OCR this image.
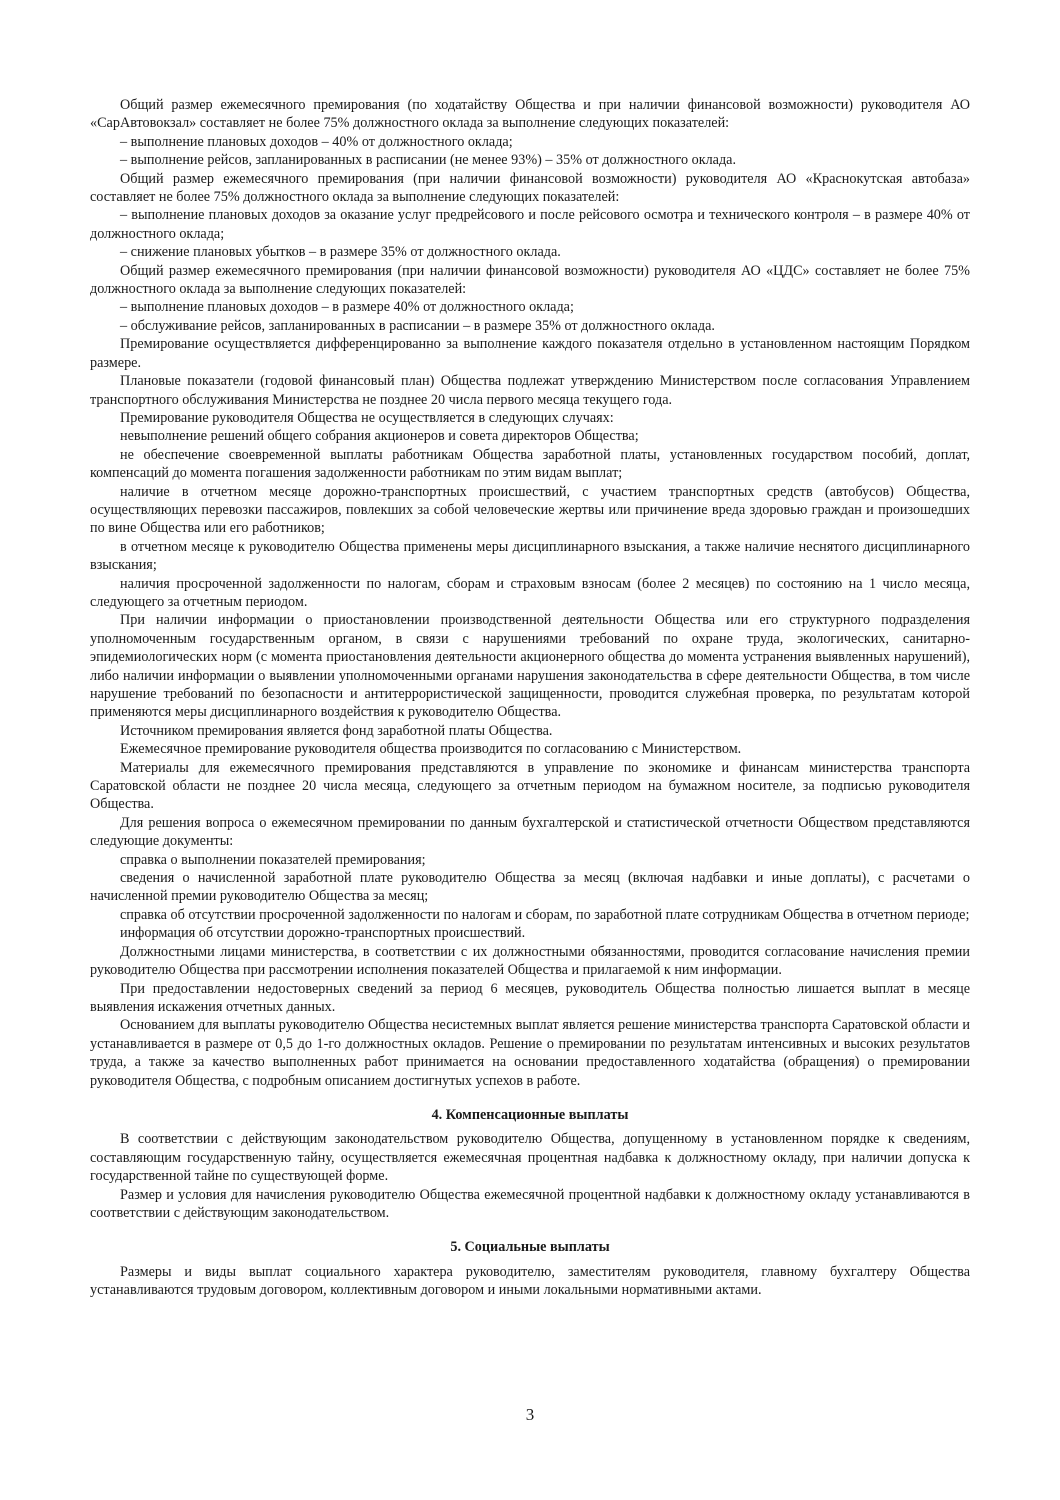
Общий размер ежемесячного премирования (по ходатайству Общества и при наличии финансовой возможности) руководителя АО «СарАвтовокзал» составляет не более 75% должностного оклада за выполнение следующих показателей:

– выполнение плановых доходов – 40% от должностного оклада;

– выполнение рейсов, запланированных в расписании (не менее 93%) – 35% от должностного оклада.

Общий размер ежемесячного премирования (при наличии финансовой возможности) руководителя АО «Краснокутская автобаза» составляет не более 75% должностного оклада за выполнение следующих показателей:

– выполнение плановых доходов за оказание услуг предрейсового и после рейсового осмотра и технического контроля – в размере 40% от должностного оклада;

– снижение плановых убытков – в размере 35% от должностного оклада.

Общий размер ежемесячного премирования (при наличии финансовой возможности) руководителя АО «ЦДС» составляет не более 75% должностного оклада за выполнение следующих показателей:

– выполнение плановых доходов – в размере 40% от должностного оклада;

– обслуживание рейсов, запланированных в расписании – в размере 35% от должностного оклада.

Премирование осуществляется дифференцированно за выполнение каждого показателя отдельно в установленном настоящим Порядком размере.

Плановые показатели (годовой финансовый план) Общества подлежат утверждению Министерством после согласования Управлением транспортного обслуживания Министерства не позднее 20 числа первого месяца текущего года.

Премирование руководителя Общества не осуществляется в следующих случаях:

невыполнение решений общего собрания акционеров и совета директоров Общества;

не обеспечение своевременной выплаты работникам Общества заработной платы, установленных государством пособий, доплат, компенсаций до момента погашения задолженности работникам по этим видам выплат;

наличие в отчетном месяце дорожно-транспортных происшествий, с участием транспортных средств (автобусов) Общества, осуществляющих перевозки пассажиров, повлекших за собой человеческие жертвы или причинение вреда здоровью граждан и произошедших по вине Общества или его работников;

в отчетном месяце к руководителю Общества применены меры дисциплинарного взыскания, а также наличие неснятого дисциплинарного взыскания;

наличия просроченной задолженности по налогам, сборам и страховым взносам (более 2 месяцев) по состоянию на 1 число месяца, следующего за отчетным периодом.

При наличии информации о приостановлении производственной деятельности Общества или его структурного подразделения уполномоченным государственным органом, в связи с нарушениями требований по охране труда, экологических, санитарно-эпидемиологических норм (с момента приостановления деятельности акционерного общества до момента устранения выявленных нарушений), либо наличии информации о выявлении уполномоченными органами нарушения законодательства в сфере деятельности Общества, в том числе нарушение требований по безопасности и антитеррористической защищенности, проводится служебная проверка, по результатам которой применяются меры дисциплинарного воздействия к руководителю Общества.

Источником премирования является фонд заработной платы Общества.

Ежемесячное премирование руководителя общества производится по согласованию с Министерством.

Материалы для ежемесячного премирования представляются в управление по экономике и финансам министерства транспорта Саратовской области не позднее 20 числа месяца, следующего за отчетным периодом на бумажном носителе, за подписью руководителя Общества.

Для решения вопроса о ежемесячном премировании по данным бухгалтерской и статистической отчетности Обществом представляются следующие документы:

справка о выполнении показателей премирования;

сведения о начисленной заработной плате руководителю Общества за месяц (включая надбавки и иные доплаты), с расчетами о начисленной премии руководителю Общества за месяц;

справка об отсутствии просроченной задолженности по налогам и сборам, по заработной плате сотрудникам Общества в отчетном периоде;

информация об отсутствии дорожно-транспортных происшествий.

Должностными лицами министерства, в соответствии с их должностными обязанностями, проводится согласование начисления премии руководителю Общества при рассмотрении исполнения показателей Общества и прилагаемой к ним информации.

При предоставлении недостоверных сведений за период 6 месяцев, руководитель Общества полностью лишается выплат в месяце выявления искажения отчетных данных.

Основанием для выплаты руководителю Общества несистемных выплат является решение министерства транспорта Саратовской области и устанавливается в размере от 0,5 до 1-го должностных окладов. Решение о премировании по результатам интенсивных и высоких результатов труда, а также за качество выполненных работ принимается на основании предоставленного ходатайства (обращения) о премировании руководителя Общества, с подробным описанием достигнутых успехов в работе.

4. Компенсационные выплаты

В соответствии с действующим законодательством руководителю Общества, допущенному в установленном порядке к сведениям, составляющим государственную тайну, осуществляется ежемесячная процентная надбавка к должностному окладу, при наличии допуска к государственной тайне по существующей форме.

Размер и условия для начисления руководителю Общества ежемесячной процентной надбавки к должностному окладу устанавливаются в соответствии с действующим законодательством.

5. Социальные выплаты

Размеры и виды выплат социального характера руководителю, заместителям руководителя, главному бухгалтеру Общества устанавливаются трудовым договором, коллективным договором и иными локальными нормативными актами.

3
